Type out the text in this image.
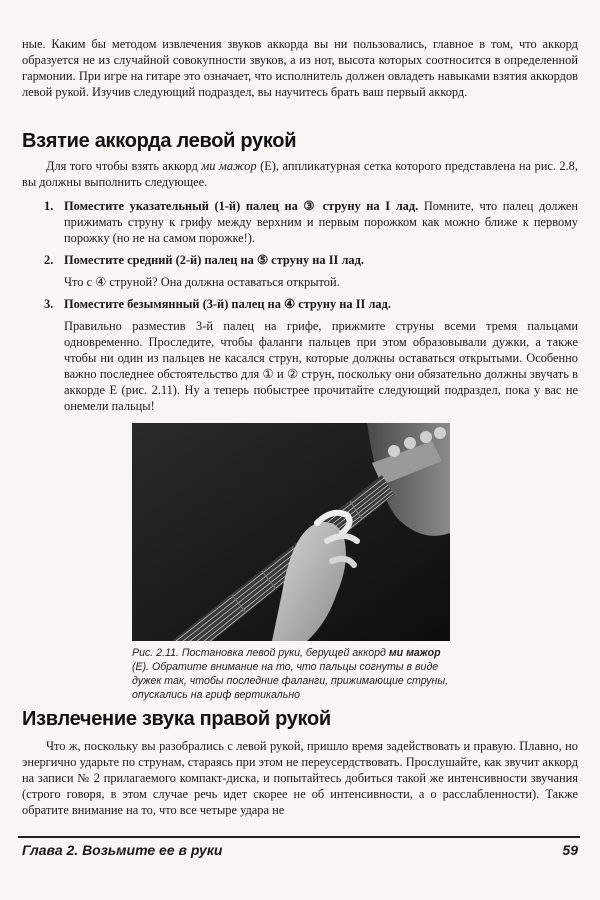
ные. Каким бы методом извлечения звуков аккорда вы ни пользовались, главное в том, что аккорд образуется не из случайной совокупности звуков, а из нот, высота которых соотносится в определенной гармонии. При игре на гитаре это означает, что исполнитель должен овладеть навыками взятия аккордов левой рукой. Изучив следующий подраздел, вы научитесь брать ваш первый аккорд.

Взятие аккорда левой рукой

Для того чтобы взять аккорд ми мажор (E), аппликатурная сетка которого представлена на рис. 2.8, вы должны выполнить следующее.

1. Поместите указательный (1-й) палец на ③ струну на I лад. Помните, что палец должен прижимать струну к грифу между верхним и первым порожком как можно ближе к первому порожку (но не на самом порожке!).
2. Поместите средний (2-й) палец на ⑤ струну на II лад.
Что с ④ струной? Она должна оставаться открытой.
3. Поместите безымянный (3-й) палец на ④ струну на II лад.
Правильно разместив 3-й палец на грифе, прижмите струны всеми тремя пальцами одновременно. Проследите, чтобы фаланги пальцев при этом образовывали дужки, а также чтобы ни один из пальцев не касался струн, которые должны оставаться открытыми. Особенно важно последнее обстоятельство для ① и ② струн, поскольку они обязательно должны звучать в аккорде E (рис. 2.11). Ну а теперь побыстрее прочитайте следующий подраздел, пока у вас не онемели пальцы!

Рис. 2.11. Постановка левой руки, берущей аккорд ми мажор (E). Обратите внимание на то, что пальцы согнуты в виде дужек так, чтобы последние фаланги, прижимающие струны, опускались на гриф вертикально

Извлечение звука правой рукой

Что ж, поскольку вы разобрались с левой рукой, пришло время задействовать и правую. Плавно, но энергично ударьте по струнам, стараясь при этом не переусердствовать. Прослушайте, как звучит аккорд на записи № 2 прилагаемого компакт-диска, и попытайтесь добиться такой же интенсивности звучания (строго говоря, в этом случае речь идет скорее не об интенсивности, а о расслабленности). Также обратите внимание на то, что все четыре удара не

Глава 2. Возьмите ее в руки	59
